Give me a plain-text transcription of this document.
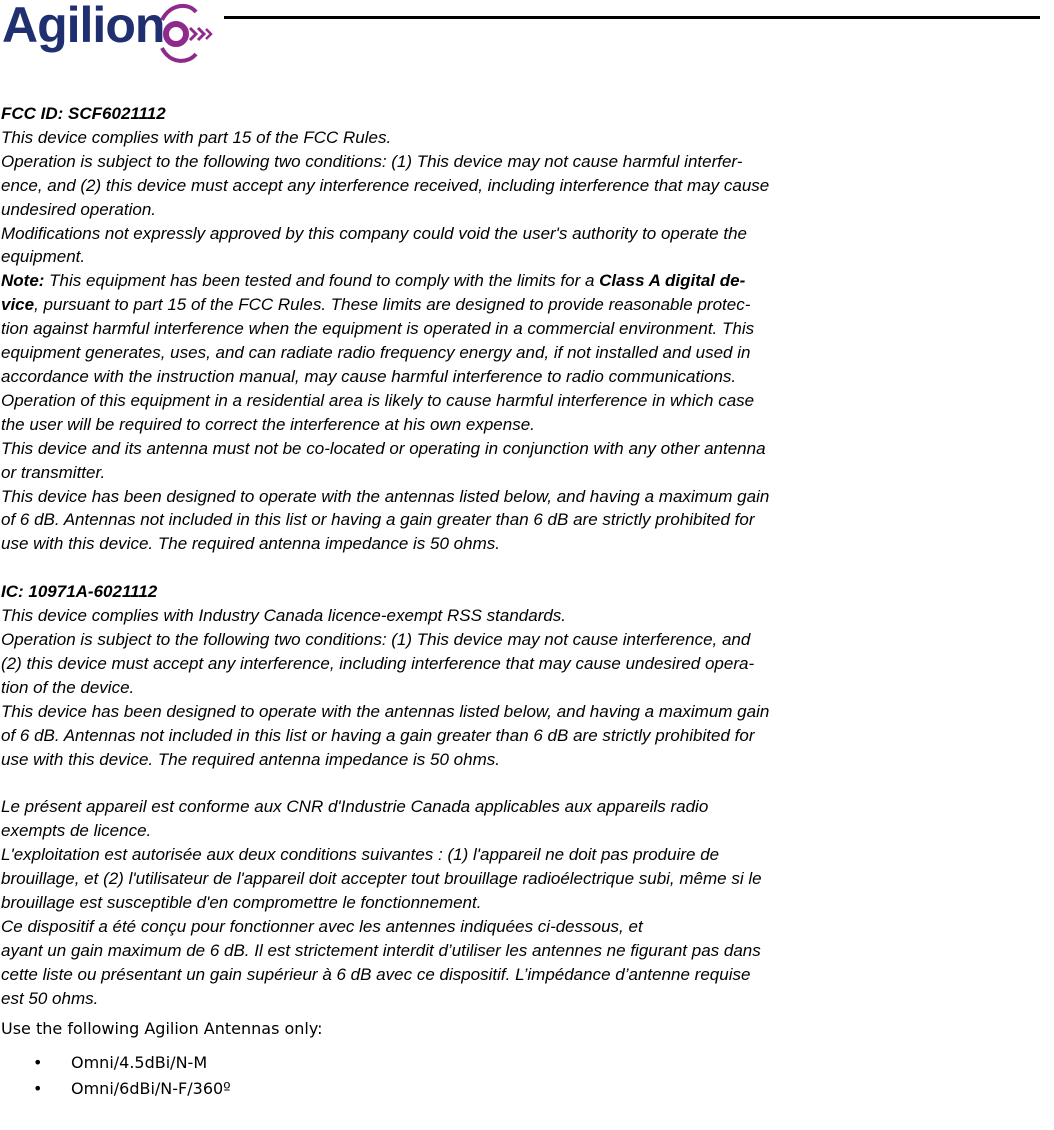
Agilion

FCC ID: SCF6021112

This device complies with part 15 of the FCC Rules.

Operation is subject to the following two conditions: (1) This device may not cause harmful interfer-

ence, and (2) this device must accept any interference received, including interference that may cause

undesired operation.

Modifications not expressly approved by this company could void the user's authority to operate the

equipment.

Note: This equipment has been tested and found to comply with the limits for a Class A digital de-

vice, pursuant to part 15 of the FCC Rules. These limits are designed to provide reasonable protec-

tion against harmful interference when the equipment is operated in a commercial environment. This

equipment generates, uses, and can radiate radio frequency energy and, if not installed and used in

accordance with the instruction manual, may cause harmful interference to radio communications.

Operation of this equipment in a residential area is likely to cause harmful interference in which case

the user will be required to correct the interference at his own expense.

This device and its antenna must not be co-located or operating in conjunction with any other antenna

or transmitter.

This device has been designed to operate with the antennas listed below, and having a maximum gain

of 6 dB. Antennas not included in this list or having a gain greater than 6 dB are strictly prohibited for

use with this device. The required antenna impedance is 50 ohms.

IC: 10971A-6021112

This device complies with Industry Canada licence-exempt RSS standards.

Operation is subject to the following two conditions: (1) This device may not cause interference, and

(2) this device must accept any interference, including interference that may cause undesired opera-

tion of the device.

This device has been designed to operate with the antennas listed below, and having a maximum gain

of 6 dB. Antennas not included in this list or having a gain greater than 6 dB are strictly prohibited for

use with this device. The required antenna impedance is 50 ohms.

Le présent appareil est conforme aux CNR d'Industrie Canada applicables aux appareils radio

exempts de licence.

L'exploitation est autorisée aux deux conditions suivantes : (1) l'appareil ne doit pas produire de

brouillage, et (2) l'utilisateur de l'appareil doit accepter tout brouillage radioélectrique subi, même si le

brouillage est susceptible d'en compromettre le fonctionnement.

Ce dispositif a été conçu pour fonctionner avec les antennes indiquées ci-dessous, et

ayant un gain maximum de 6 dB. Il est strictement interdit d’utiliser les antennes ne figurant pas dans

cette liste ou présentant un gain supérieur à 6 dB avec ce dispositif. L’impédance d’antenne requise

est 50 ohms.

Use the following Agilion Antennas only:
• Omni/4.5dBi/N-M
• Omni/6dBi/N-F/360º
